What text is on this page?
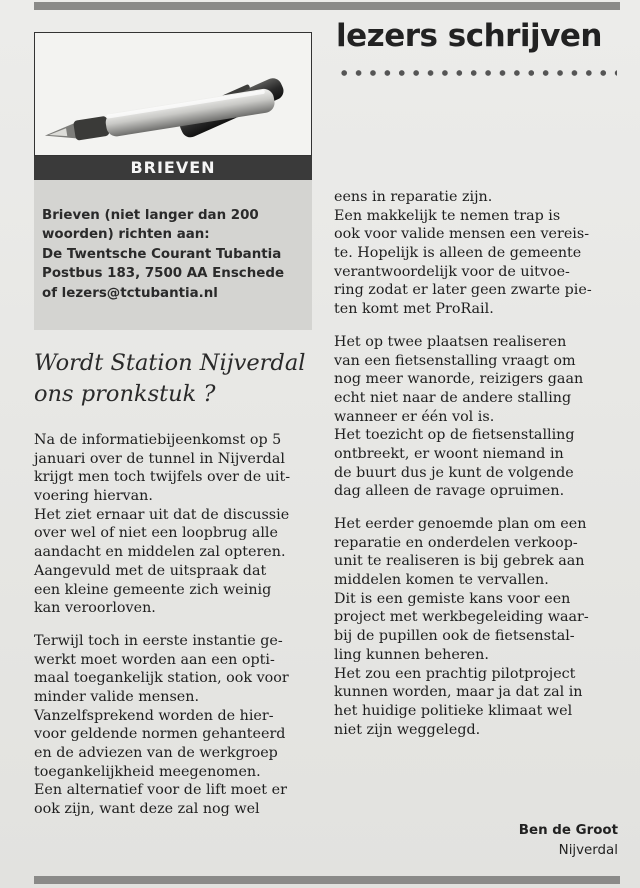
lezers schrijven
BRIEVEN
Brieven (niet langer dan 200
woorden) richten aan:
De Twentsche Courant Tubantia
Postbus 183, 7500 AA Enschede
of lezers@tctubantia.nl
Wordt Station Nijverdal
ons pronkstuk ?
Na de informatiebijeenkomst op 5
januari over de tunnel in Nijverdal
krijgt men toch twijfels over de uit-
voering hiervan.
Het ziet ernaar uit dat de discussie
over wel of niet een loopbrug alle
aandacht en middelen zal opteren.
Aangevuld met de uitspraak dat
een kleine gemeente zich weinig
kan veroorloven.
Terwijl toch in eerste instantie ge-
werkt moet worden aan een opti-
maal toegankelijk station, ook voor
minder valide mensen.
Vanzelfsprekend worden de hier-
voor geldende normen gehanteerd
en de adviezen van de werkgroep
toegankelijkheid meegenomen.
Een alternatief voor de lift moet er
ook zijn, want deze zal nog wel
eens in reparatie zijn.
Een makkelijk te nemen trap is
ook voor valide mensen een vereis-
te. Hopelijk is alleen de gemeente
verantwoordelijk voor de uitvoe-
ring zodat er later geen zwarte pie-
ten komt met ProRail.
Het op twee plaatsen realiseren
van een fietsenstalling vraagt om
nog meer wanorde, reizigers gaan
echt niet naar de andere stalling
wanneer er één vol is.
Het toezicht op de fietsenstalling
ontbreekt, er woont niemand in
de buurt dus je kunt de volgende
dag alleen de ravage opruimen.
Het eerder genoemde plan om een
reparatie en onderdelen verkoop-
unit te realiseren is bij gebrek aan
middelen komen te vervallen.
Dit is een gemiste kans voor een
project met werkbegeleiding waar-
bij de pupillen ook de fietsenstal-
ling kunnen beheren.
Het zou een prachtig pilotproject
kunnen worden, maar ja dat zal in
het huidige politieke klimaat wel
niet zijn weggelegd.
Ben de Groot
Nijverdal
